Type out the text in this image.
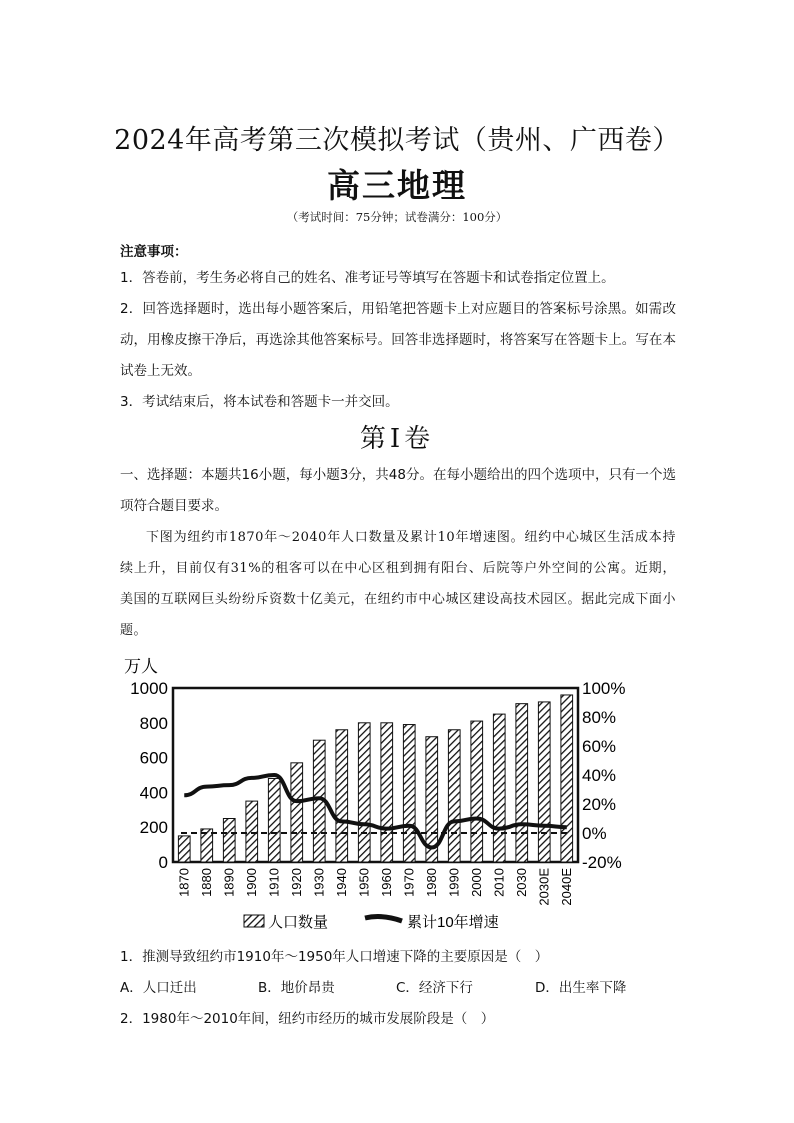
2024年高考第三次模拟考试（贵州、广西卷）
高三地理
（考试时间：75分钟；试卷满分：100分）
注意事项：
1．答卷前，考生务必将自己的姓名、准考证号等填写在答题卡和试卷指定位置上。
2．回答选择题时，选出每小题答案后，用铅笔把答题卡上对应题目的答案标号涂黑。如需改动，用橡皮擦干净后，再选涂其他答案标号。回答非选择题时，将答案写在答题卡上。写在本试卷上无效。
3．考试结束后，将本试卷和答题卡一并交回。
第Ⅰ卷
一、选择题：本题共16小题，每小题3分，共48分。在每小题给出的四个选项中，只有一个选项符合题目要求。
下图为纽约市1870年～2040年人口数量及累计10年增速图。纽约中心城区生活成本持续上升，目前仅有31%的租客可以在中心区租到拥有阳台、后院等户外空间的公寓。近期，美国的互联网巨头纷纷斥资数十亿美元，在纽约市中心城区建设高技术园区。据此完成下面小题。
万人
0
200
400
600
800
1000
-20%
0%
20%
40%
60%
80%
100%
1870 1880 1890 1900 1910 1920 1930 1940 1950 1960 1970 1980 1990 2000 2010 2030 2030E 2040E
人口数量	累计10年增速
1．推测导致纽约市1910年～1950年人口增速下降的主要原因是（　）
A．人口迁出	B．地价昂贵	C．经济下行	D．出生率下降
2．1980年～2010年间，纽约市经历的城市发展阶段是（　）
